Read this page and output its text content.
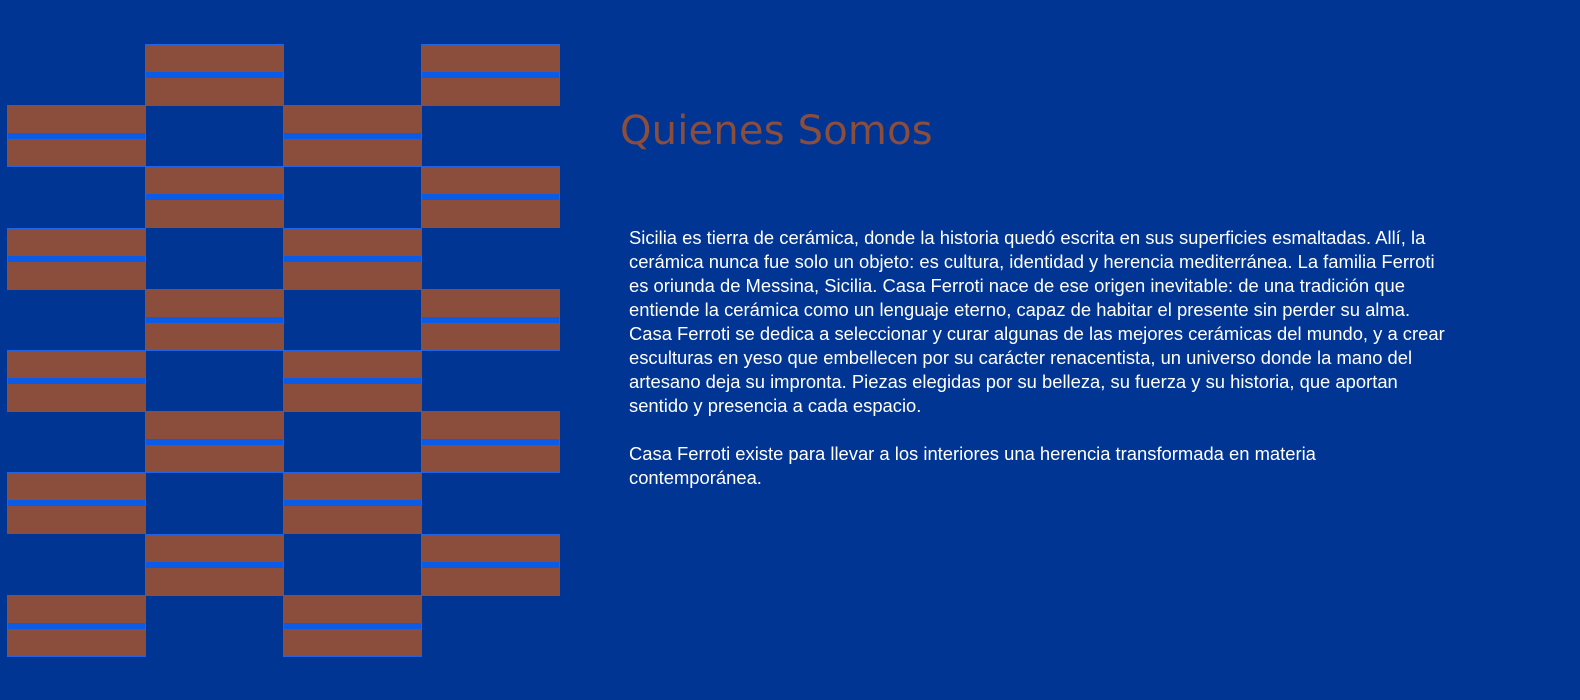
Quienes Somos

Sicilia es tierra de cerámica, donde la historia quedó escrita en sus superficies esmaltadas. Allí, la cerámica nunca fue solo un objeto: es cultura, identidad y herencia mediterránea. La familia Ferroti es oriunda de Messina, Sicilia. Casa Ferroti nace de ese origen inevitable: de una tradición que entiende la cerámica como un lenguaje eterno, capaz de habitar el presente sin perder su alma.

Casa Ferroti se dedica a seleccionar y curar algunas de las mejores cerámicas del mundo, y a crear esculturas en yeso que embellecen por su carácter renacentista, un universo donde la mano del artesano deja su impronta. Piezas elegidas por su belleza, su fuerza y su historia, que aportan sentido y presencia a cada espacio.

Casa Ferroti existe para llevar a los interiores una herencia transformada en materia contemporánea.
